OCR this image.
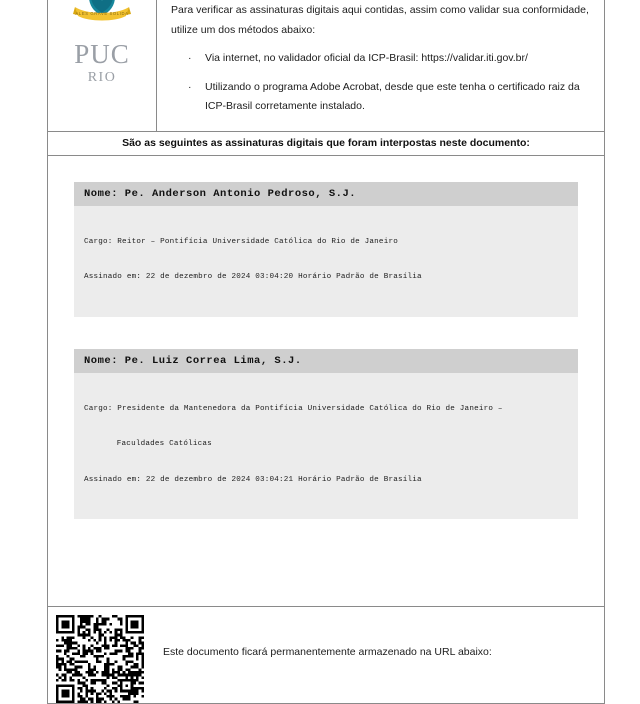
ALES GRAVE SOLIDA
PUC
RIO

Para verificar as assinaturas digitais aqui contidas, assim como validar sua conformidade, utilize um dos métodos abaixo:

· Via internet, no validador oficial da ICP-Brasil: https://validar.iti.gov.br/
· Utilizando o programa Adobe Acrobat, desde que este tenha o certificado raiz da ICP-Brasil corretamente instalado.
São as seguintes as assinaturas digitais que foram interpostas neste documento:
Nome: Pe. Anderson Antonio Pedroso, S.J.

Cargo: Reitor – Pontifícia Universidade Católica do Rio de Janeiro

Assinado em: 22 de dezembro de 2024 03:04:20 Horário Padrão de Brasília

Nome: Pe. Luiz Correa Lima, S.J.

Cargo: Presidente da Mantenedora da Pontifícia Universidade Católica do Rio de Janeiro –

Faculdades Católicas

Assinado em: 22 de dezembro de 2024 03:04:21 Horário Padrão de Brasília

Este documento ficará permanentemente armazenado na URL abaixo:
